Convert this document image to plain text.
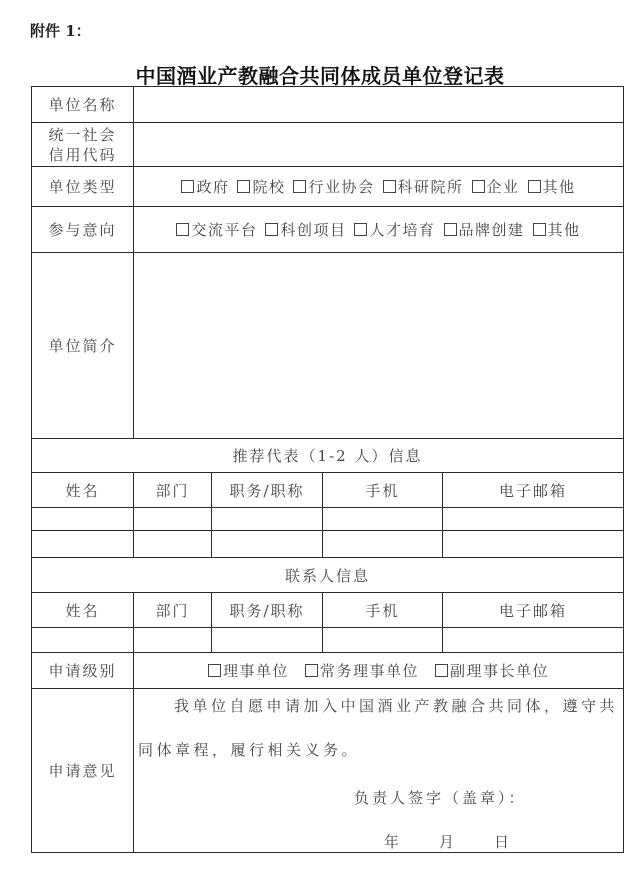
附件 1：
中国酒业产教融合共同体成员单位登记表
单位名称				

统一社会
信用代码				

单位类型	政府 院校 行业协会 科研院所 企业 其他			
参与意向	交流平台 科创项目 人才培育 品牌创建 其他			
单位简介				
推荐代表（1-2 人）信息				
姓名	部门	职务/职称	手机	电子邮箱

联系人信息				
姓名	部门	职务/职称	手机	电子邮箱

申请级别	理事单位 常务理事单位 副理事长单位			
申请意见	我单位自愿申请加入中国酒业产教融合共同体，遵守共
同体章程，履行相关义务。
负责人签字（盖章）：
年 月 日			
